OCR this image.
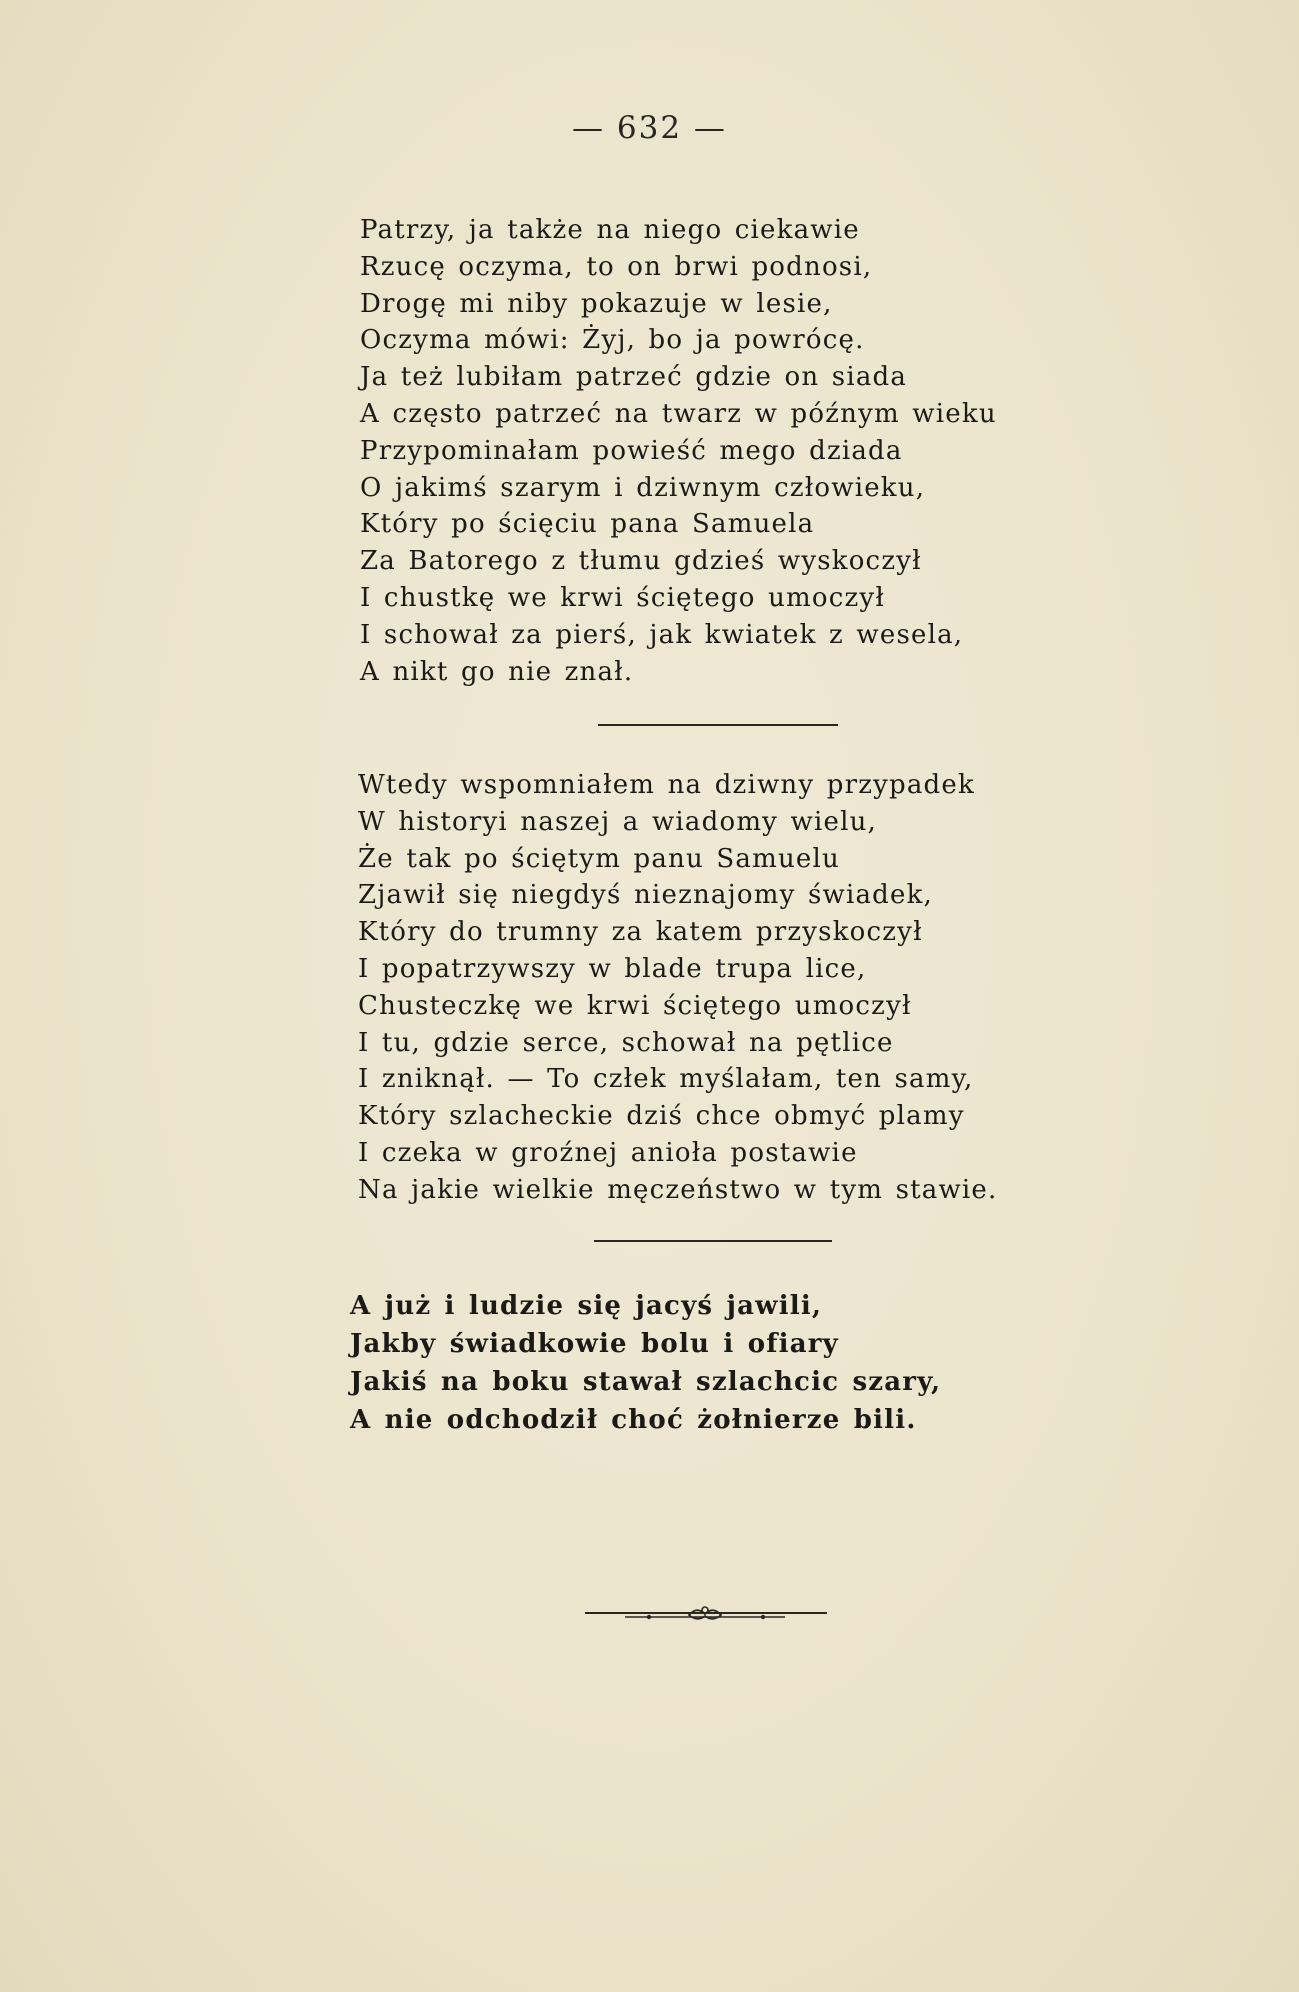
— 632 —
Patrzy, ja także na niego ciekawie
Rzucę oczyma, to on brwi podnosi,
Drogę mi niby pokazuje w lesie,
Oczyma mówi: Żyj, bo ja powrócę.
Ja też lubiłam patrzeć gdzie on siada
A często patrzeć na twarz w późnym wieku
Przypominałam powieść mego dziada
O jakimś szarym i dziwnym człowieku,
Który po ścięciu pana Samuela
Za Batorego z tłumu gdzieś wyskoczył
I chustkę we krwi ściętego umoczył
I schował za pierś, jak kwiatek z wesela,
A nikt go nie znał.
Wtedy wspomniałem na dziwny przypadek
W historyi naszej a wiadomy wielu,
Że tak po ściętym panu Samuelu
Zjawił się niegdyś nieznajomy świadek,
Który do trumny za katem przyskoczył
I popatrzywszy w blade trupa lice,
Chusteczkę we krwi ściętego umoczył
I tu, gdzie serce, schował na pętlice
I zniknął. — To człek myślałam, ten samy,
Który szlacheckie dziś chce obmyć plamy
I czeka w groźnej anioła postawie
Na jakie wielkie męczeństwo w tym stawie.
A już i ludzie się jacyś jawili,
Jakby świadkowie bolu i ofiary
Jakiś na boku stawał szlachcic szary,
A nie odchodził choć żołnierze bili.
